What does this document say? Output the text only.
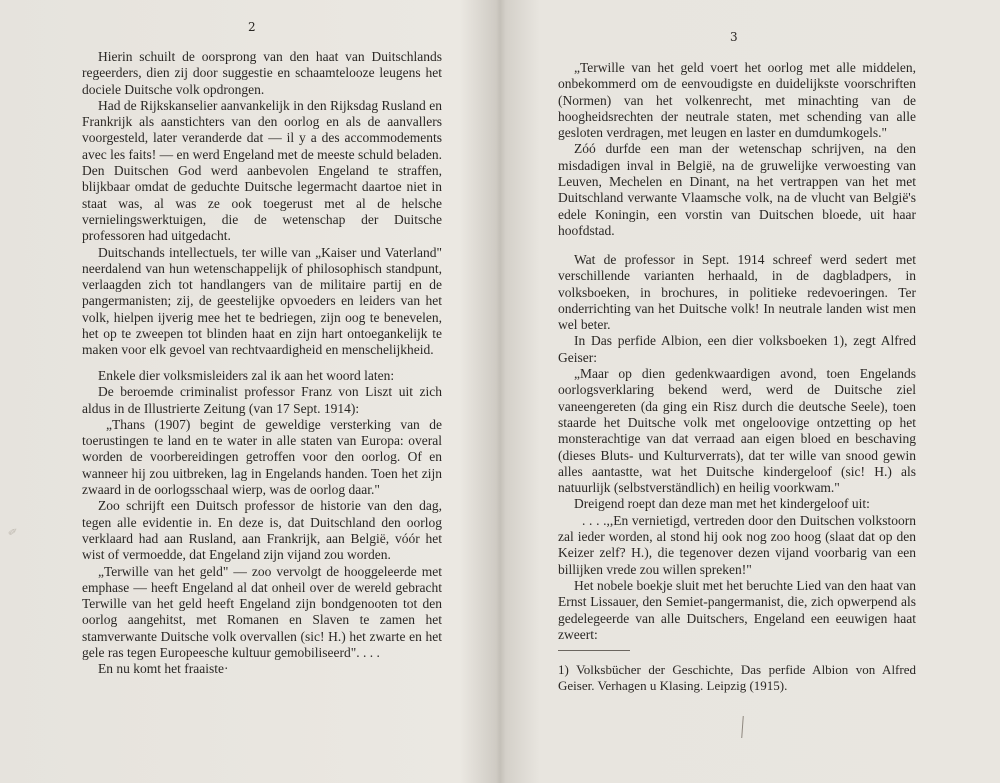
2

Hierin schuilt de oorsprong van den haat van Duitschlands regeerders, dien zij door suggestie en schaamtelooze leugens het dociele Duitsche volk opdrongen.

Had de Rijkskanselier aanvankelijk in den Rijksdag Rusland en Frankrijk als aanstichters van den oorlog en als de aanvallers voorgesteld, later veranderde dat — il y a des accommodements avec les faits! — en werd Engeland met de meeste schuld beladen. Den Duitschen God werd aanbevolen Engeland te straffen, blijkbaar omdat de geduchte Duitsche legermacht daartoe niet in staat was, al was ze ook toegerust met al de helsche vernielingswerktuigen, die de wetenschap der Duitsche professoren had uitgedacht.

Duitschands intellectuels, ter wille van „Kaiser und Vaterland" neerdalend van hun wetenschappelijk of philosophisch standpunt, verlaagden zich tot handlangers van de militaire partij en de pangermanisten; zij, de geestelijke opvoeders en leiders van het volk, hielpen ijverig mee het te bedriegen, zijn oog te benevelen, het op te zweepen tot blinden haat en zijn hart ontoegankelijk te maken voor elk gevoel van rechtvaardigheid en menschelijkheid.

Enkele dier volksmisleiders zal ik aan het woord laten:

De beroemde criminalist professor Franz von Liszt uit zich aldus in de Illustrierte Zeitung (van 17 Sept. 1914):

„Thans (1907) begint de geweldige versterking van de toerustingen te land en te water in alle staten van Europa: overal worden de voorbereidingen getroffen voor den oorlog. Of en wanneer hij zou uitbreken, lag in Engelands handen. Toen het zijn zwaard in de oorlogsschaal wierp, was de oorlog daar."

Zoo schrijft een Duitsch professor de historie van den dag, tegen alle evidentie in. En deze is, dat Duitschland den oorlog verklaard had aan Rusland, aan Frankrijk, aan België, vóór het wist of vermoedde, dat Engeland zijn vijand zou worden.

„Terwille van het geld" — zoo vervolgt de hooggeleerde met emphase — heeft Engeland al dat onheil over de wereld gebracht Terwille van het geld heeft Engeland zijn bondgenooten tot den oorlog aangehitst, met Romanen en Slaven te zamen het stamverwante Duitsche volk overvallen (sic! H.) het zwarte en het gele ras tegen Europeesche kultuur gemobiliseerd". . . .

En nu komt het fraaiste·

✎
3

„Terwille van het geld voert het oorlog met alle middelen, onbekommerd om de eenvoudigste en duidelijkste voorschriften (Normen) van het volkenrecht, met minachting van de hoogheidsrechten der neutrale staten, met schending van alle gesloten verdragen, met leugen en laster en dumdumkogels."

Zóó durfde een man der wetenschap schrijven, na den misdadigen inval in België, na de gruwelijke verwoesting van Leuven, Mechelen en Dinant, na het vertrappen van het met Duitschland verwante Vlaamsche volk, na de vlucht van België's edele Koningin, een vorstin van Duitschen bloede, uit haar hoofdstad.

Wat de professor in Sept. 1914 schreef werd sedert met verschillende varianten herhaald, in de dagbladpers, in volksboeken, in brochures, in politieke redevoeringen. Ter onderrichting van het Duitsche volk! In neutrale landen wist men wel beter.

In Das perfide Albion, een dier volksboeken 1), zegt Alfred Geiser:

„Maar op dien gedenkwaardigen avond, toen Engelands oorlogsverklaring bekend werd, werd de Duitsche ziel vaneengereten (da ging ein Risz durch die deutsche Seele), toen staarde het Duitsche volk met ongeloovige ontzetting op het monsterachtige van dat verraad aan eigen bloed en beschaving (dieses Bluts- und Kulturverrats), dat ter wille van snood gewin alles aantastte, wat het Duitsche kindergeloof (sic! H.) als natuurlijk (selbstverständlich) en heilig voorkwam."

Dreigend roept dan deze man met het kindergeloof uit:

. . . .,,En vernietigd, vertreden door den Duitschen volkstoorn zal ieder worden, al stond hij ook nog zoo hoog (slaat dat op den Keizer zelf? H.), die tegenover dezen vijand voorbarig van een billijken vrede zou willen spreken!"

Het nobele boekje sluit met het beruchte Lied van den haat van Ernst Lissauer, den Semiet-pangermanist, die, zich opwerpend als gedelegeerde van alle Duitschers, Engeland een eeuwigen haat zweert:

1) Volksbücher der Geschichte, Das perfide Albion von Alfred Geiser. Verhagen u Klasing. Leipzig (1915).
